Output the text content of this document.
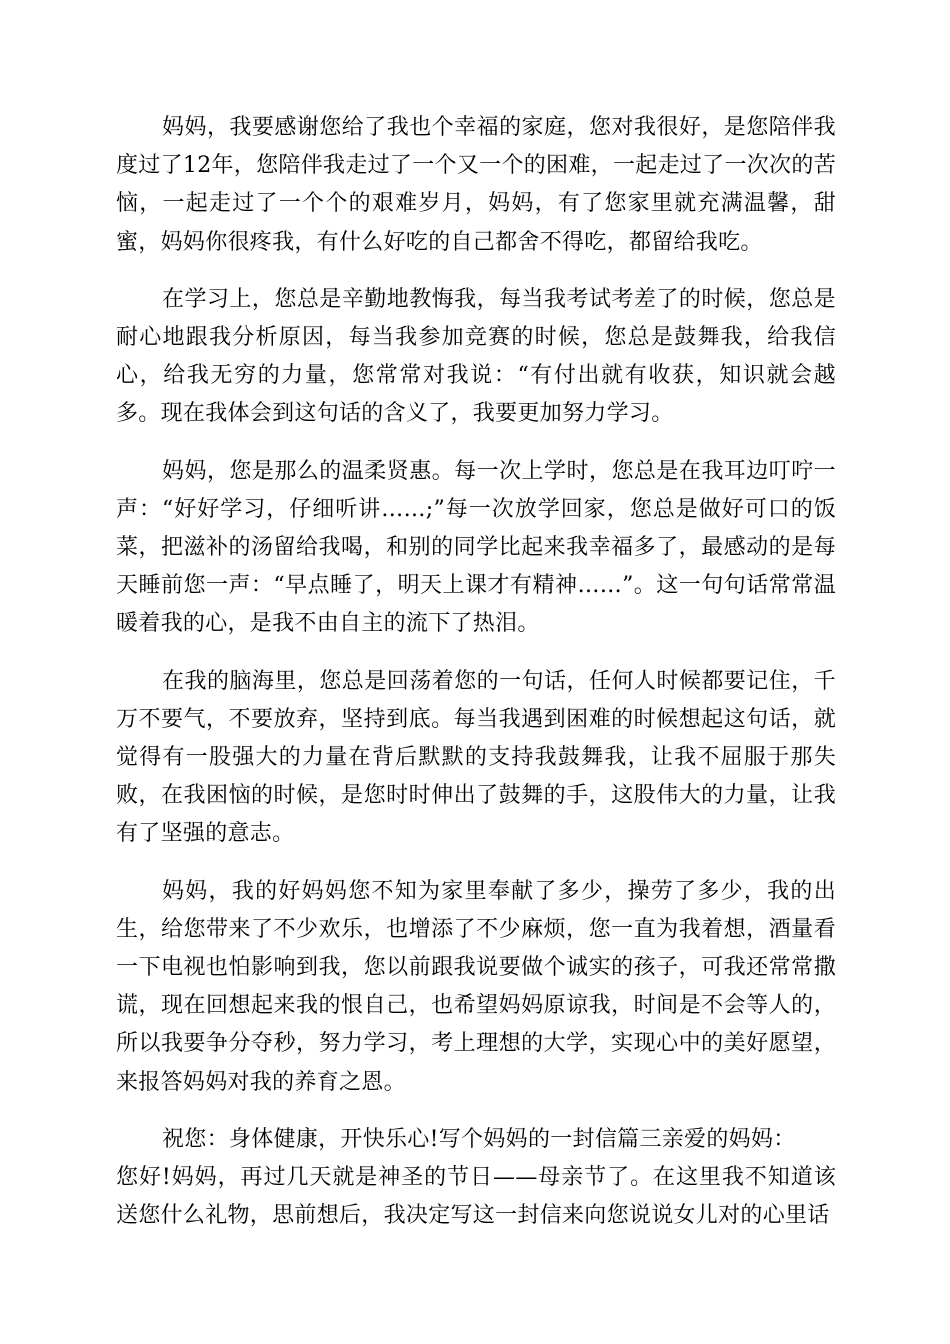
妈妈，我要感谢您给了我也个幸福的家庭，您对我很好，是您陪伴我度过了12年，您陪伴我走过了一个又一个的困难，一起走过了一次次的苦恼，一起走过了一个个的艰难岁月，妈妈，有了您家里就充满温馨，甜蜜，妈妈你很疼我，有什么好吃的自己都舍不得吃，都留给我吃。

在学习上，您总是辛勤地教悔我，每当我考试考差了的时候，您总是耐心地跟我分析原因，每当我参加竞赛的时候，您总是鼓舞我，给我信心，给我无穷的力量，您常常对我说：“有付出就有收获，知识就会越多。现在我体会到这句话的含义了，我要更加努力学习。

妈妈，您是那么的温柔贤惠。每一次上学时，您总是在我耳边叮咛一声：“好好学习，仔细听讲……;”每一次放学回家，您总是做好可口的饭菜，把滋补的汤留给我喝，和别的同学比起来我幸福多了，最感动的是每天睡前您一声：“早点睡了，明天上课才有精神……”。这一句句话常常温暖着我的心，是我不由自主的流下了热泪。

在我的脑海里，您总是回荡着您的一句话，任何人时候都要记住，千万不要气，不要放弃，坚持到底。每当我遇到困难的时候想起这句话，就觉得有一股强大的力量在背后默默的支持我鼓舞我，让我不屈服于那失败，在我困恼的时候，是您时时伸出了鼓舞的手，这股伟大的力量，让我有了坚强的意志。

妈妈，我的好妈妈您不知为家里奉献了多少，操劳了多少，我的出生，给您带来了不少欢乐，也增添了不少麻烦，您一直为我着想，酒量看一下电视也怕影响到我，您以前跟我说要做个诚实的孩子，可我还常常撒谎，现在回想起来我的恨自己，也希望妈妈原谅我，时间是不会等人的，所以我要争分夺秒，努力学习，考上理想的大学，实现心中的美好愿望，来报答妈妈对我的养育之恩。

祝您：身体健康，开快乐心!写个妈妈的一封信篇三亲爱的妈妈：

您好!妈妈，再过几天就是神圣的节日——母亲节了。在这里我不知道该送您什么礼物，思前想后，我决定写这一封信来向您说说女儿对的心里话
